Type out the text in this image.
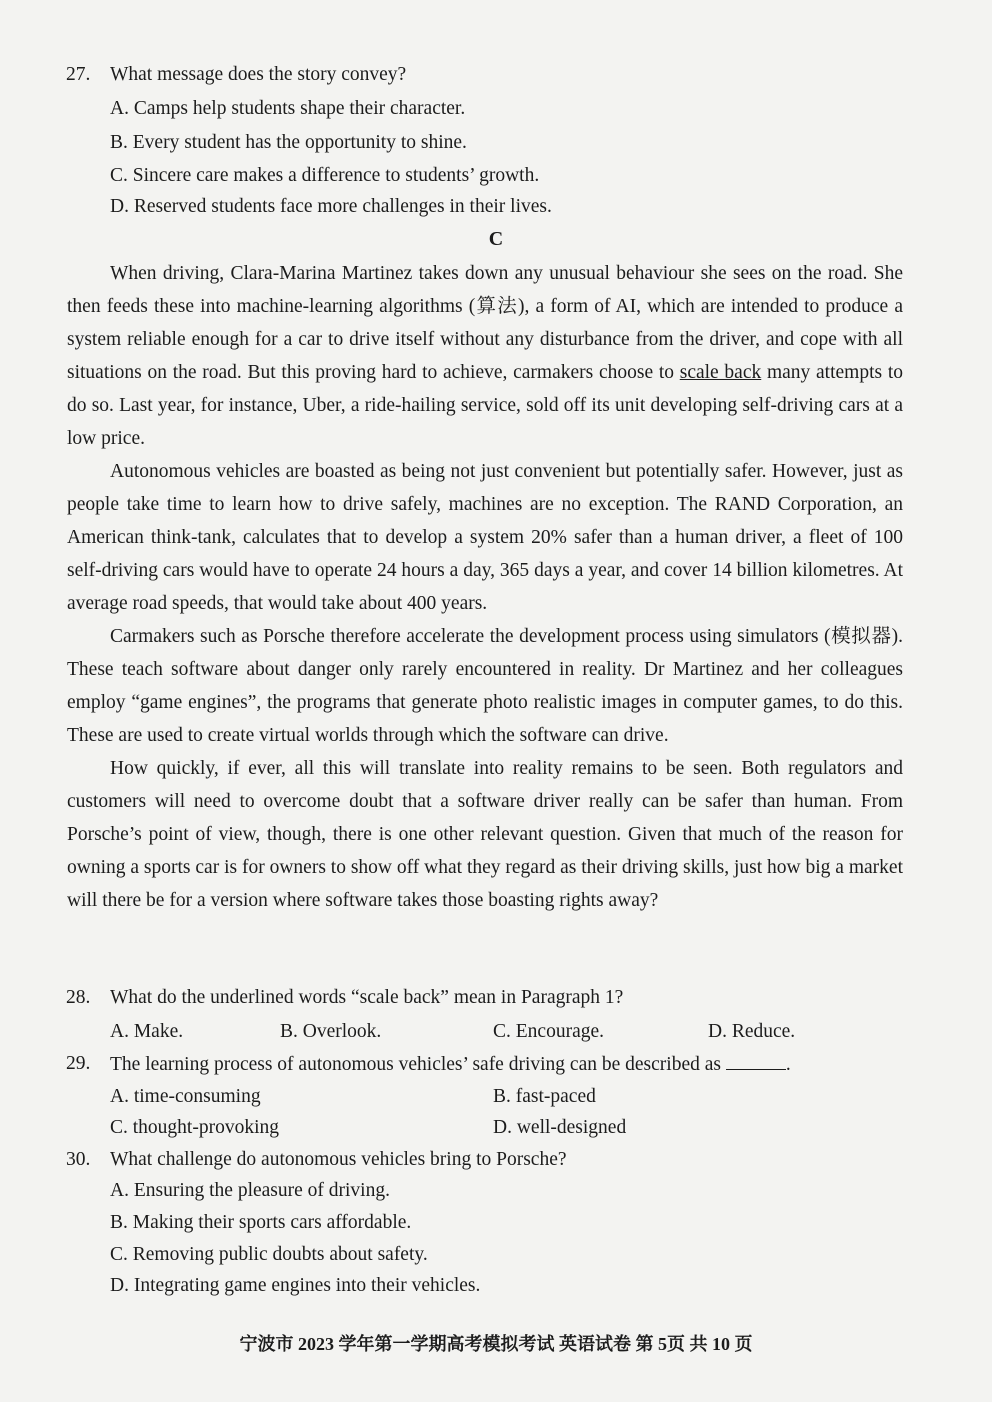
27. What message does the story convey?
A. Camps help students shape their character.
B. Every student has the opportunity to shine.
C. Sincere care makes a difference to students’ growth.
D. Reserved students face more challenges in their lives.
C

When driving, Clara-Marina Martinez takes down any unusual behaviour she sees on the road. She then feeds these into machine-learning algorithms (算法), a form of AI, which are intended to produce a system reliable enough for a car to drive itself without any disturbance from the driver, and cope with all situations on the road. But this proving hard to achieve, carmakers choose to scale back many attempts to do so. Last year, for instance, Uber, a ride-hailing service, sold off its unit developing self-driving cars at a low price.

Autonomous vehicles are boasted as being not just convenient but potentially safer. However, just as people take time to learn how to drive safely, machines are no exception. The RAND Corporation, an American think-tank, calculates that to develop a system 20% safer than a human driver, a fleet of 100 self-driving cars would have to operate 24 hours a day, 365 days a year, and cover 14 billion kilometres. At average road speeds, that would take about 400 years.

Carmakers such as Porsche therefore accelerate the development process using simulators (模拟器). These teach software about danger only rarely encountered in reality. Dr Martinez and her colleagues employ “game engines”, the programs that generate photo realistic images in computer games, to do this. These are used to create virtual worlds through which the software can drive.

How quickly, if ever, all this will translate into reality remains to be seen. Both regulators and customers will need to overcome doubt that a software driver really can be safer than human. From Porsche’s point of view, though, there is one other relevant question. Given that much of the reason for owning a sports car is for owners to show off what they regard as their driving skills, just how big a market will there be for a version where software takes those boasting rights away?

28. What do the underlined words “scale back” mean in Paragraph 1?
A. Make.	B. Overlook.	C. Encourage.	D. Reduce.
29. The learning process of autonomous vehicles’ safe driving can be described as	.
A. time-consuming	B. fast-paced
C. thought-provoking	D. well-designed
30. What challenge do autonomous vehicles bring to Porsche?
A. Ensuring the pleasure of driving.
B. Making their sports cars affordable.
C. Removing public doubts about safety.
D. Integrating game engines into their vehicles.
宁波市 2023 学年第一学期高考模拟考试 英语试卷 第 5页 共 10 页
